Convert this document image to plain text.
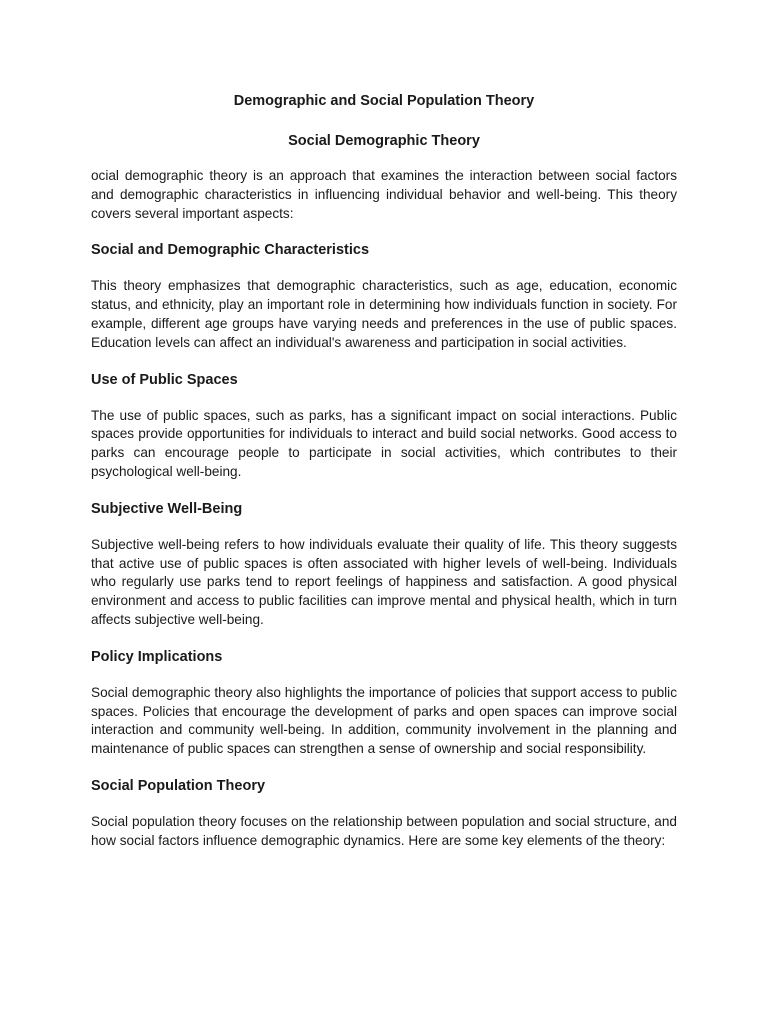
Demographic and Social Population Theory
Social Demographic Theory

ocial demographic theory is an approach that examines the interaction between social factors and demographic characteristics in influencing individual behavior and well-being. This theory covers several important aspects:

Social and Demographic Characteristics

This theory emphasizes that demographic characteristics, such as age, education, economic status, and ethnicity, play an important role in determining how individuals function in society. For example, different age groups have varying needs and preferences in the use of public spaces. Education levels can affect an individual's awareness and participation in social activities.

Use of Public Spaces

The use of public spaces, such as parks, has a significant impact on social interactions. Public spaces provide opportunities for individuals to interact and build social networks. Good access to parks can encourage people to participate in social activities, which contributes to their psychological well-being.

Subjective Well-Being

Subjective well-being refers to how individuals evaluate their quality of life. This theory suggests that active use of public spaces is often associated with higher levels of well-being. Individuals who regularly use parks tend to report feelings of happiness and satisfaction. A good physical environment and access to public facilities can improve mental and physical health, which in turn affects subjective well-being.

Policy Implications

Social demographic theory also highlights the importance of policies that support access to public spaces. Policies that encourage the development of parks and open spaces can improve social interaction and community well-being. In addition, community involvement in the planning and maintenance of public spaces can strengthen a sense of ownership and social responsibility.

Social Population Theory

Social population theory focuses on the relationship between population and social structure, and how social factors influence demographic dynamics. Here are some key elements of the theory:
